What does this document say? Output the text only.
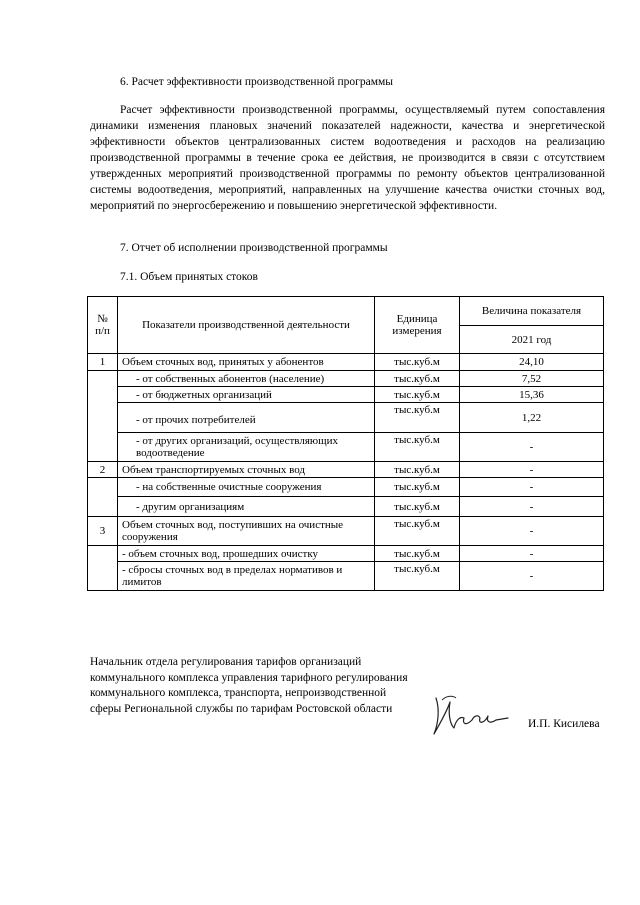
6. Расчет эффективности производственной программы
Расчет эффективности производственной программы, осуществляемый путем сопоставления динамики изменения плановых значений показателей надежности, качества и энергетической эффективности объектов централизованных систем водоотведения и расходов на реализацию производственной программы в течение срока ее действия, не производится в связи с отсутствием утвержденных мероприятий производственной программы по ремонту объектов централизованной системы водоотведения, мероприятий, направленных на улучшение качества очистки сточных вод, мероприятий по энергосбережению и повышению энергетической эффективности.
7. Отчет об исполнении производственной программы
7.1. Объем принятых стоков
№ п/п	Показатели производственной деятельности	Единица измерения	Величина показателя
			2021 год
1	Объем сточных вод, принятых у абонентов	тыс.куб.м	24,10
	- от собственных абонентов (население)	тыс.куб.м	7,52
	- от бюджетных организаций	тыс.куб.м	15,36
	- от прочих потребителей	тыс.куб.м	1,22
	- от других организаций, осуществляющих водоотведение	тыс.куб.м	-
2	Объем транспортируемых сточных вод	тыс.куб.м	-
	- на собственные очистные сооружения	тыс.куб.м	-
	- другим организациям	тыс.куб.м	-
3	Объем сточных вод, поступивших на очистные сооружения	тыс.куб.м	-
	- объем сточных вод, прошедших очистку	тыс.куб.м	-
	- сбросы сточных вод в пределах нормативов и лимитов	тыс.куб.м	-
Начальник отдела регулирования тарифов организаций коммунального комплекса управления тарифного регулирования коммунального комплекса, транспорта, непроизводственной сферы Региональной службы по тарифам Ростовской области
И.П. Кисилева
